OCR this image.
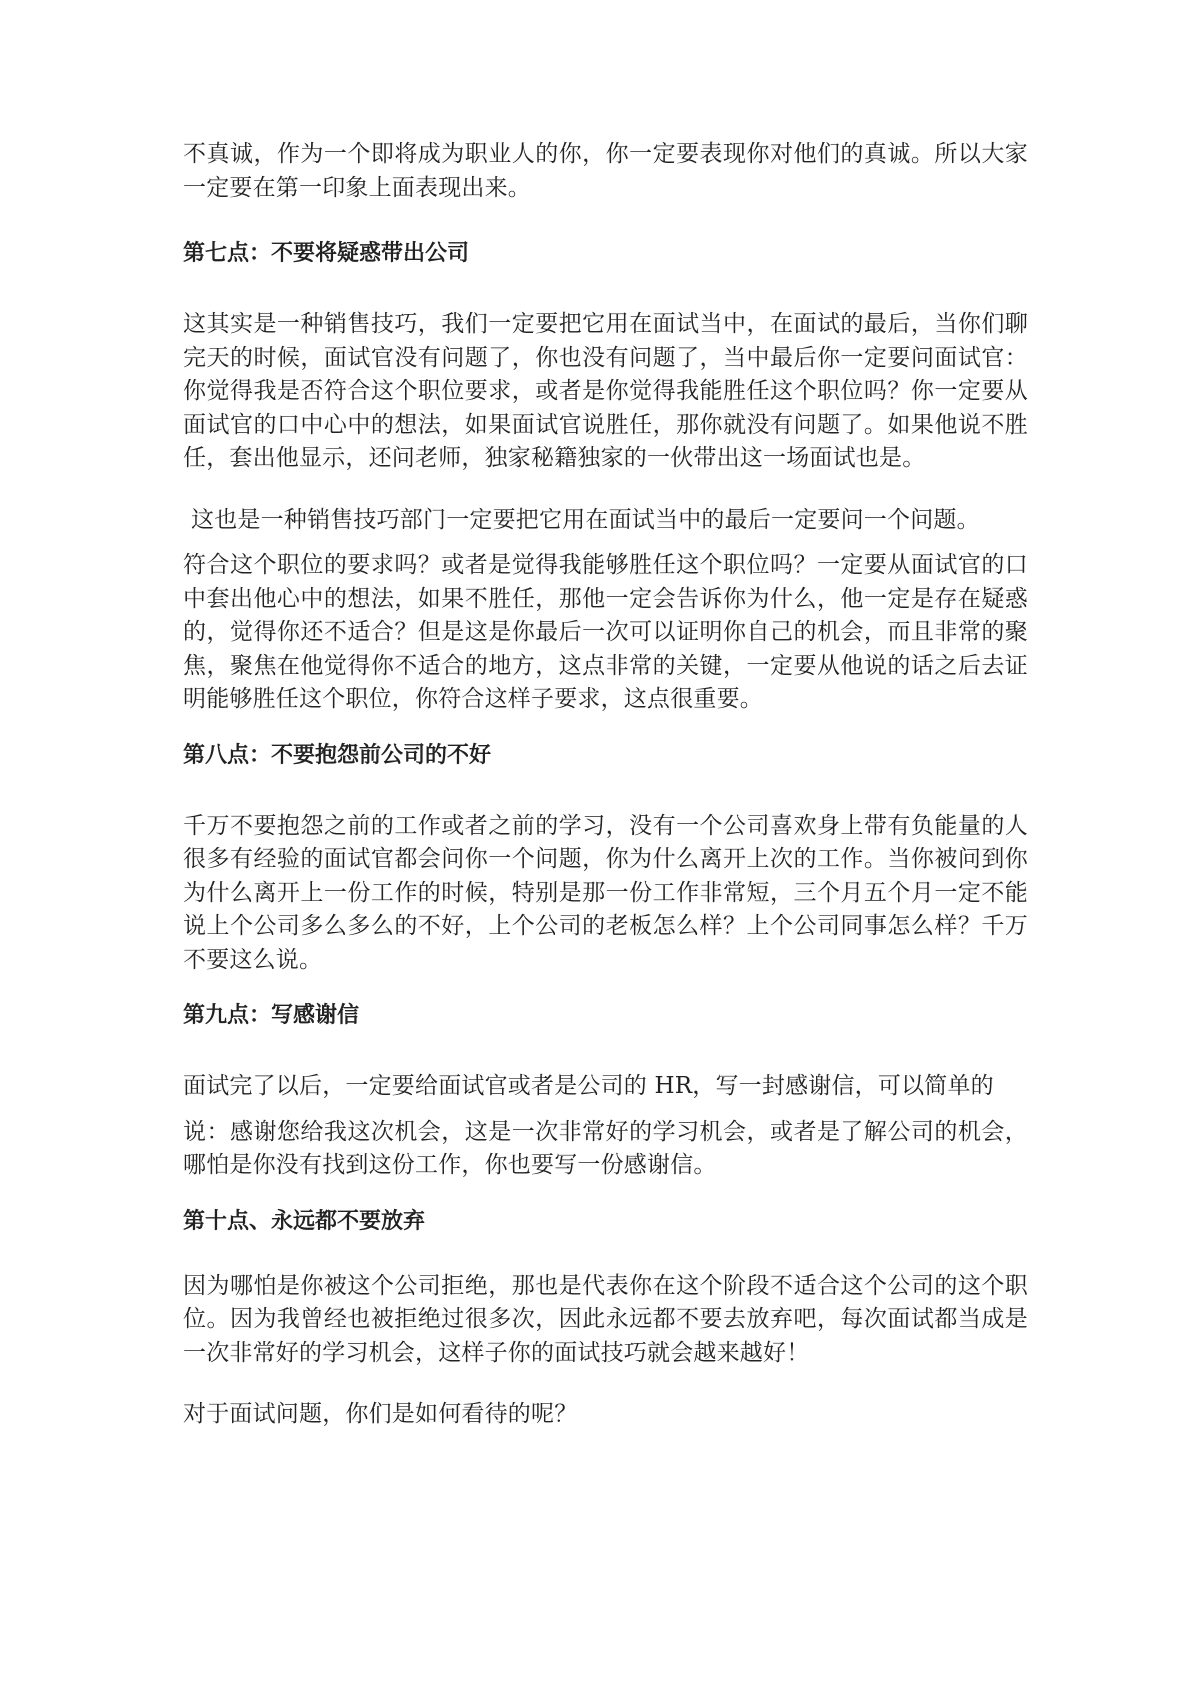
不真诚，作为一个即将成为职业人的你，你一定要表现你对他们的真诚。所以大家一定要在第一印象上面表现出来。

第七点：不要将疑惑带出公司

这其实是一种销售技巧，我们一定要把它用在面试当中，在面试的最后，当你们聊完天的时候，面试官没有问题了，你也没有问题了，当中最后你一定要问面试官：你觉得我是否符合这个职位要求，或者是你觉得我能胜任这个职位吗？你一定要从面试官的口中心中的想法，如果面试官说胜任，那你就没有问题了。如果他说不胜任，套出他显示，还问老师，独家秘籍独家的一伙带出这一场面试也是。

这也是一种销售技巧部门一定要把它用在面试当中的最后一定要问一个问题。

符合这个职位的要求吗？或者是觉得我能够胜任这个职位吗？一定要从面试官的口中套出他心中的想法，如果不胜任，那他一定会告诉你为什么，他一定是存在疑惑的，觉得你还不适合？但是这是你最后一次可以证明你自己的机会，而且非常的聚焦，聚焦在他觉得你不适合的地方，这点非常的关键，一定要从他说的话之后去证明能够胜任这个职位，你符合这样子要求，这点很重要。

第八点：不要抱怨前公司的不好

千万不要抱怨之前的工作或者之前的学习，没有一个公司喜欢身上带有负能量的人很多有经验的面试官都会问你一个问题，你为什么离开上次的工作。当你被问到你为什么离开上一份工作的时候，特别是那一份工作非常短，三个月五个月一定不能说上个公司多么多么的不好，上个公司的老板怎么样？上个公司同事怎么样？千万不要这么说。

第九点：写感谢信

面试完了以后，一定要给面试官或者是公司的 HR，写一封感谢信，可以简单的

说：感谢您给我这次机会，这是一次非常好的学习机会，或者是了解公司的机会，哪怕是你没有找到这份工作，你也要写一份感谢信。

第十点、永远都不要放弃

因为哪怕是你被这个公司拒绝，那也是代表你在这个阶段不适合这个公司的这个职位。因为我曾经也被拒绝过很多次，因此永远都不要去放弃吧，每次面试都当成是一次非常好的学习机会，这样子你的面试技巧就会越来越好！

对于面试问题，你们是如何看待的呢？
